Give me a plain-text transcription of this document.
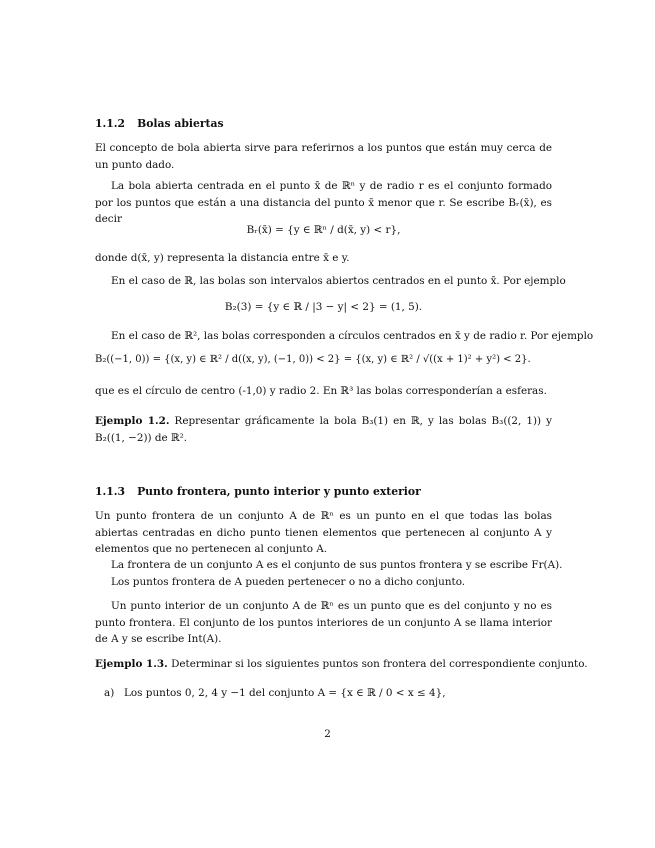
1.1.2 Bolas abiertas
El concepto de bola abierta sirve para referirnos a los puntos que están muy cerca de un punto dado.
La bola abierta centrada en el punto x̄ de ℝⁿ y de radio r es el conjunto formado por los puntos que están a una distancia del punto x̄ menor que r. Se escribe Bᵣ(x̄), es decir
Bᵣ(x̄) = {y ∈ ℝⁿ / d(x̄, y) < r},
donde d(x̄, y) representa la distancia entre x̄ e y.
En el caso de ℝ, las bolas son intervalos abiertos centrados en el punto x̄. Por ejemplo
B₂(3) = {y ∈ ℝ / |3 − y| < 2} = (1, 5).
En el caso de ℝ², las bolas corresponden a círculos centrados en x̄ y de radio r. Por ejemplo
B₂((−1, 0)) = {(x, y) ∈ ℝ² / d((x, y), (−1, 0)) < 2} = {(x, y) ∈ ℝ² / √((x + 1)² + y²) < 2}.
que es el círculo de centro (-1,0) y radio 2. En ℝ³ las bolas corresponderían a esferas.
Ejemplo 1.2. Representar gráficamente la bola B₃(1) en ℝ, y las bolas B₃((2, 1)) y B₂((1, −2)) de ℝ².
1.1.3 Punto frontera, punto interior y punto exterior
Un punto frontera de un conjunto A de ℝⁿ es un punto en el que todas las bolas abiertas centradas en dicho punto tienen elementos que pertenecen al conjunto A y elementos que no pertenecen al conjunto A.
La frontera de un conjunto A es el conjunto de sus puntos frontera y se escribe Fr(A).
Los puntos frontera de A pueden pertenecer o no a dicho conjunto.
Un punto interior de un conjunto A de ℝⁿ es un punto que es del conjunto y no es punto frontera. El conjunto de los puntos interiores de un conjunto A se llama interior de A y se escribe Int(A).
Ejemplo 1.3. Determinar si los siguientes puntos son frontera del correspondiente conjunto.
a) Los puntos 0, 2, 4 y −1 del conjunto A = {x ∈ ℝ / 0 < x ≤ 4},
2
